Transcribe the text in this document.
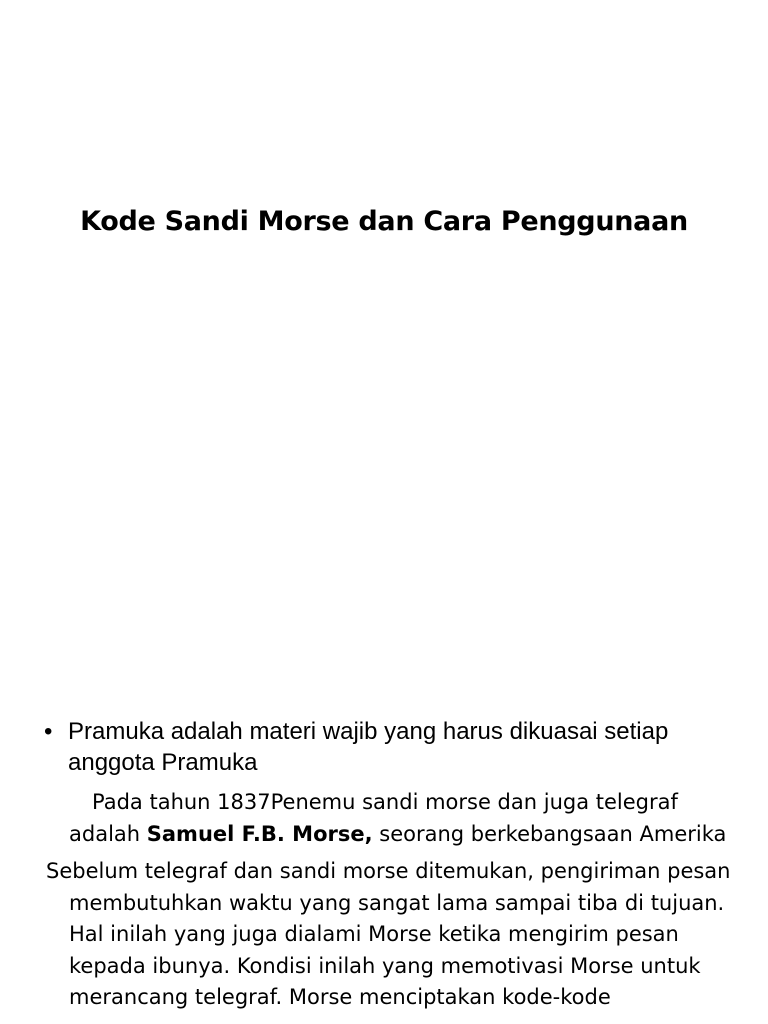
Kode Sandi Morse dan Cara Penggunaan
• Pramuka adalah materi wajib yang harus dikuasai setiap anggota Pramuka

Pada tahun 1837Penemu sandi morse dan juga telegraf adalah Samuel F.B. Morse, seorang berkebangsaan Amerika

Sebelum telegraf dan sandi morse ditemukan, pengiriman pesan membutuhkan waktu yang sangat lama sampai tiba di tujuan. Hal inilah yang juga dialami Morse ketika mengirim pesan kepada ibunya. Kondisi inilah yang memotivasi Morse untuk merancang telegraf. Morse menciptakan kode-kode
